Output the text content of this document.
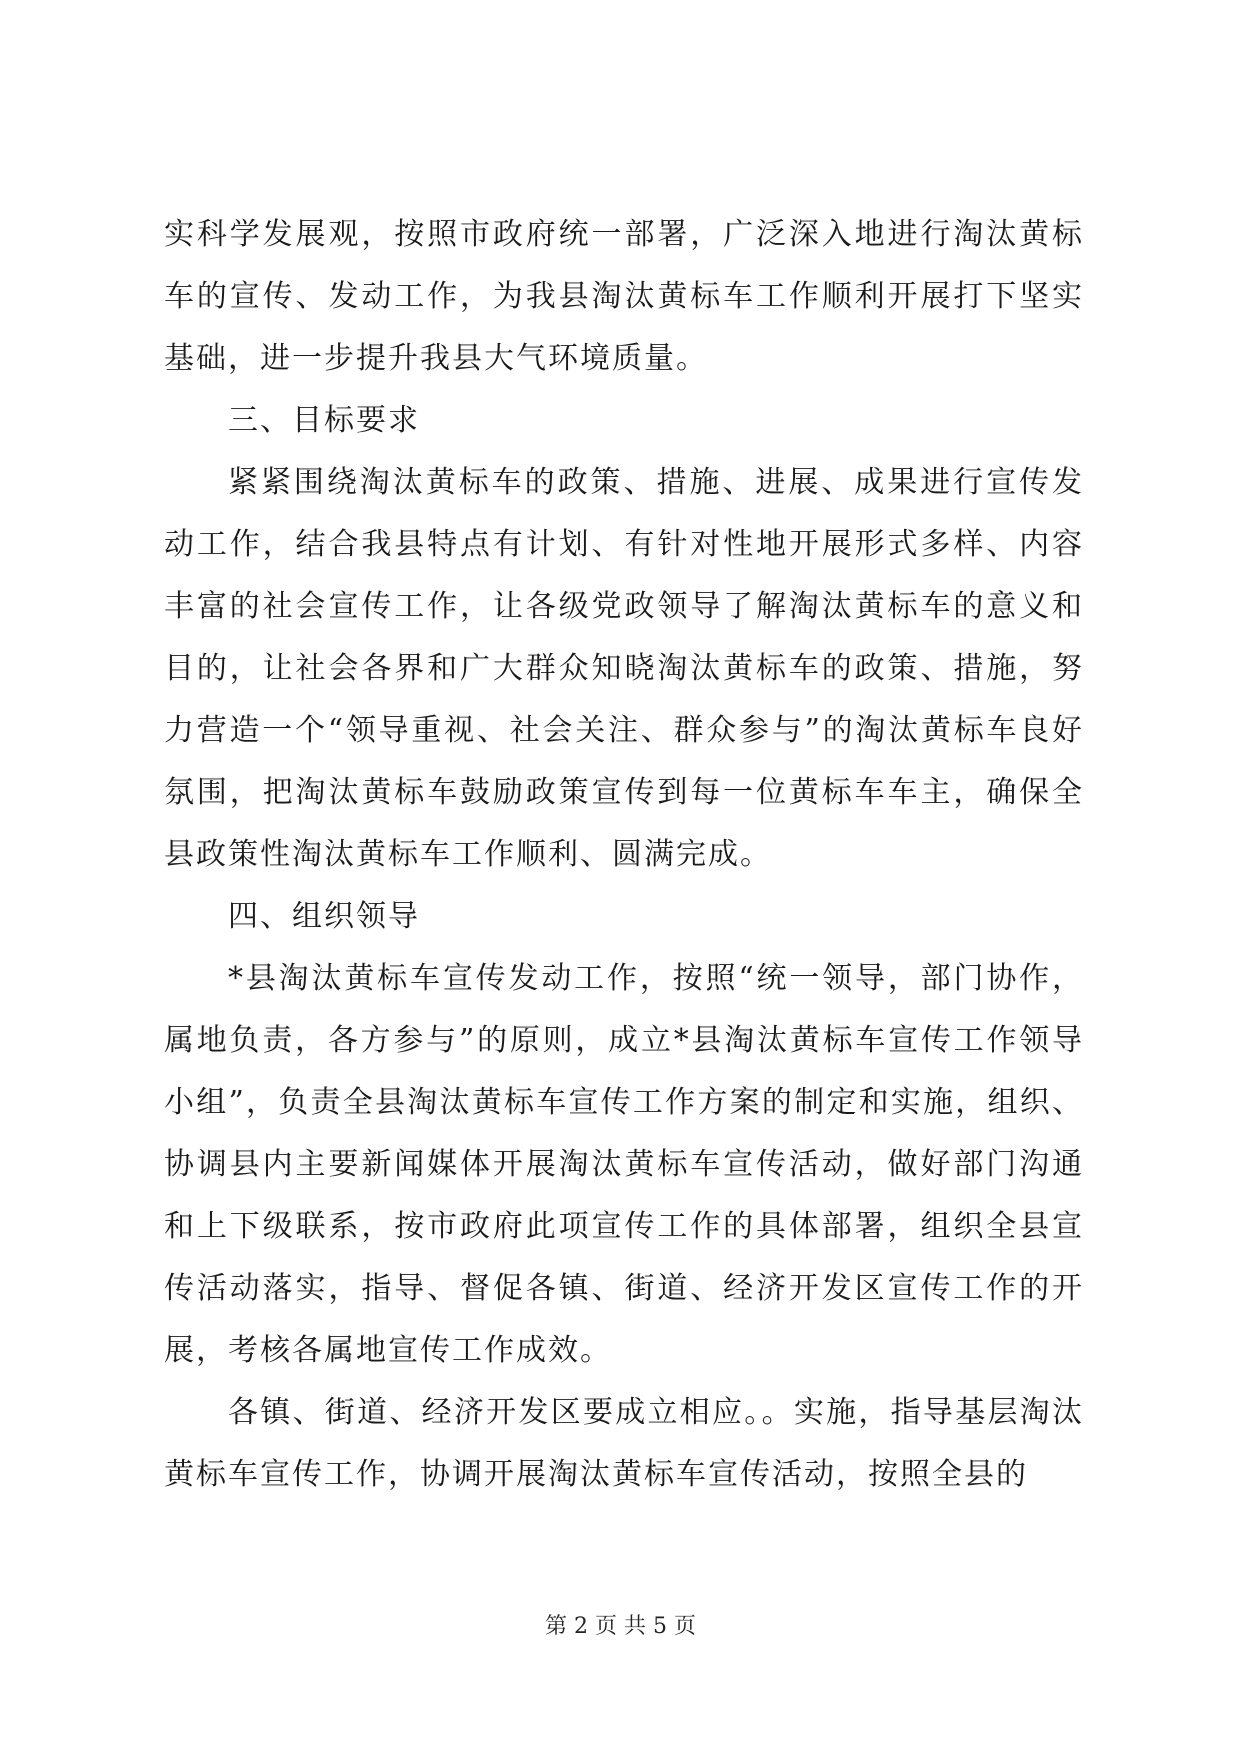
实科学发展观，按照市政府统一部署，广泛深入地进行淘汰黄标车的宣传、发动工作，为我县淘汰黄标车工作顺利开展打下坚实基础，进一步提升我县大气环境质量。

三、目标要求

紧紧围绕淘汰黄标车的政策、措施、进展、成果进行宣传发动工作，结合我县特点有计划、有针对性地开展形式多样、内容丰富的社会宣传工作，让各级党政领导了解淘汰黄标车的意义和目的，让社会各界和广大群众知晓淘汰黄标车的政策、措施，努力营造一个“领导重视、社会关注、群众参与”的淘汰黄标车良好氛围，把淘汰黄标车鼓励政策宣传到每一位黄标车车主，确保全县政策性淘汰黄标车工作顺利、圆满完成。

四、组织领导

*县淘汰黄标车宣传发动工作，按照“统一领导，部门协作，属地负责，各方参与”的原则，成立*县淘汰黄标车宣传工作领导小组”，负责全县淘汰黄标车宣传工作方案的制定和实施，组织、协调县内主要新闻媒体开展淘汰黄标车宣传活动，做好部门沟通和上下级联系，按市政府此项宣传工作的具体部署，组织全县宣传活动落实，指导、督促各镇、街道、经济开发区宣传工作的开展，考核各属地宣传工作成效。

各镇、街道、经济开发区要成立相应。。实施，指导基层淘汰黄标车宣传工作，协调开展淘汰黄标车宣传活动，按照全县的

第 2 页 共 5 页
